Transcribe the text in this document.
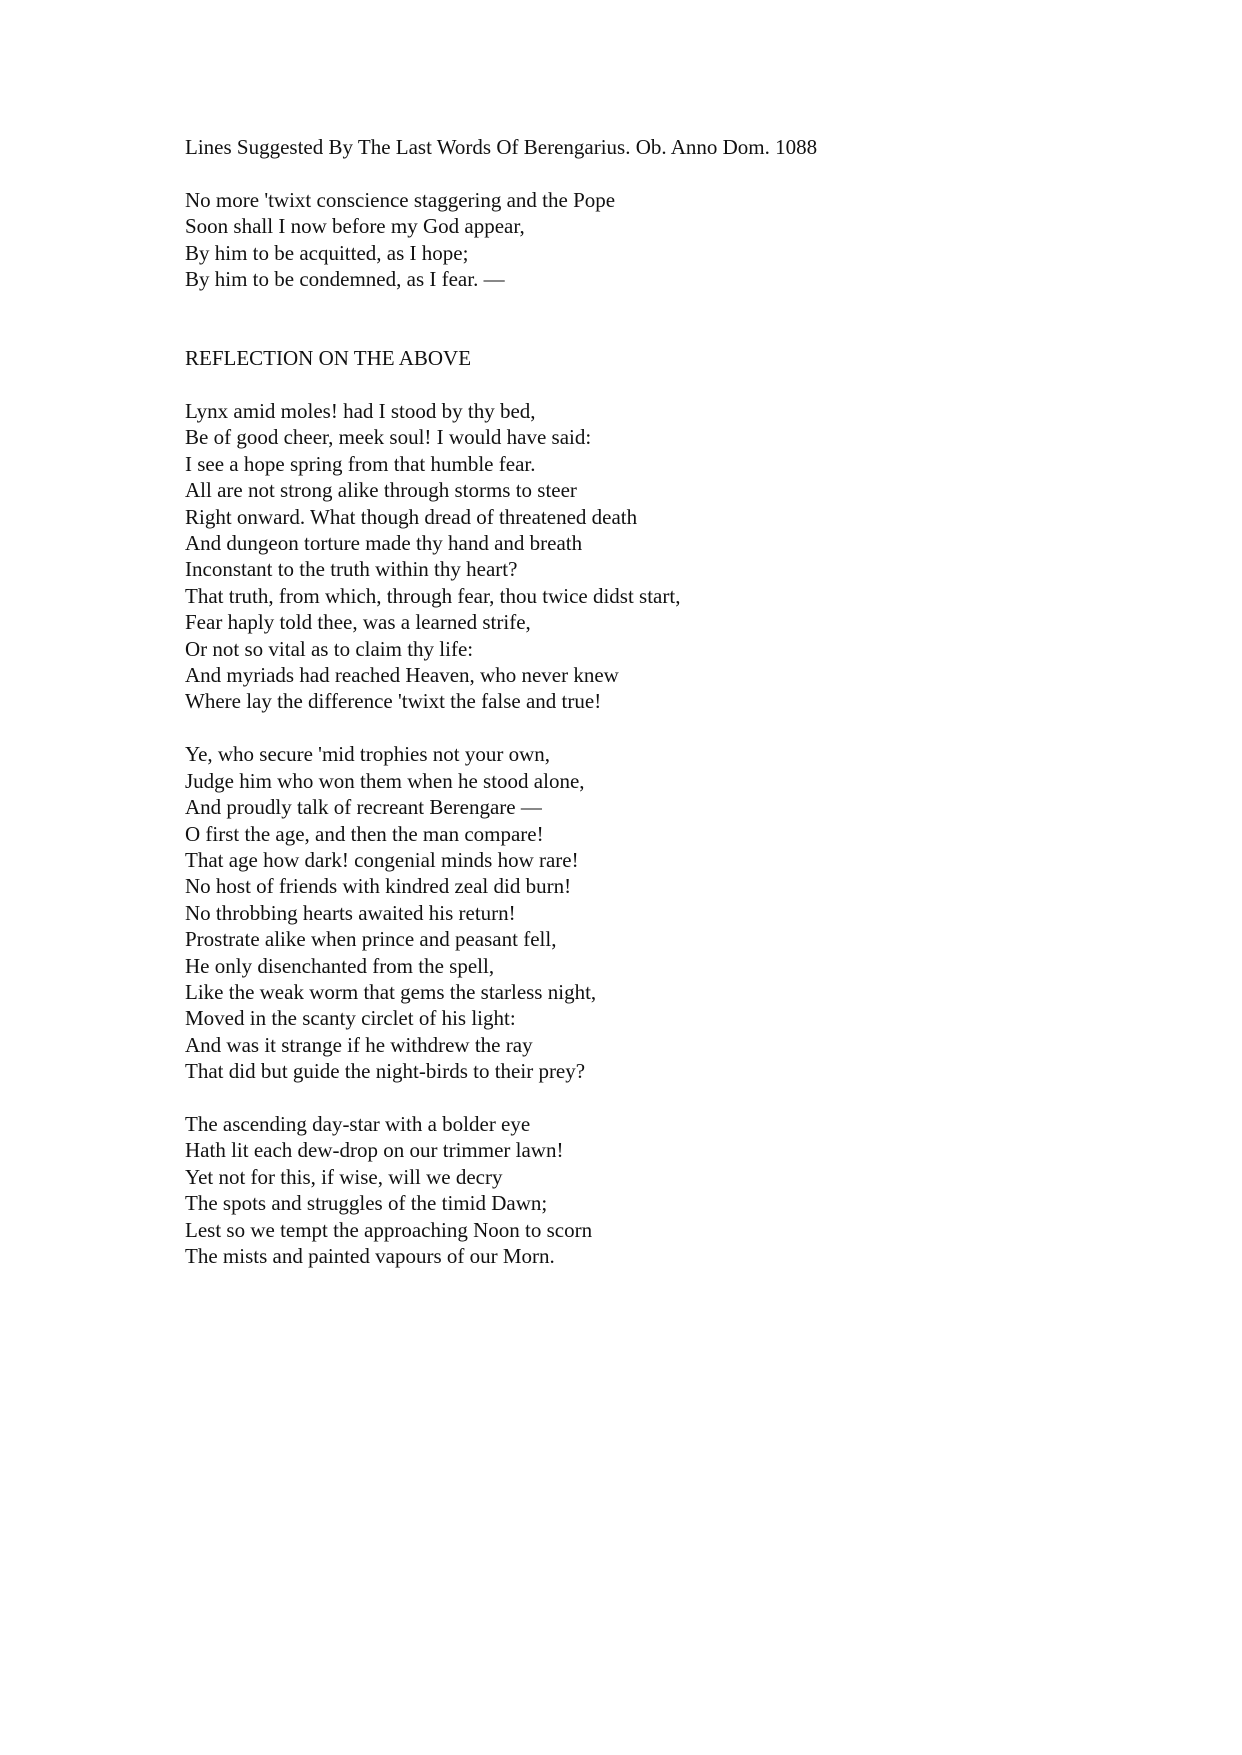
Lines Suggested By The Last Words Of Berengarius. Ob. Anno Dom. 1088
No more 'twixt conscience staggering and the Pope
Soon shall I now before my God appear,
By him to be acquitted, as I hope;
By him to be condemned, as I fear. —
REFLECTION ON THE ABOVE
Lynx amid moles! had I stood by thy bed,
Be of good cheer, meek soul! I would have said:
I see a hope spring from that humble fear.
All are not strong alike through storms to steer
Right onward. What though dread of threatened death
And dungeon torture made thy hand and breath
Inconstant to the truth within thy heart?
That truth, from which, through fear, thou twice didst start,
Fear haply told thee, was a learned strife,
Or not so vital as to claim thy life:
And myriads had reached Heaven, who never knew
Where lay the difference 'twixt the false and true!
Ye, who secure 'mid trophies not your own,
Judge him who won them when he stood alone,
And proudly talk of recreant Berengare —
O first the age, and then the man compare!
That age how dark! congenial minds how rare!
No host of friends with kindred zeal did burn!
No throbbing hearts awaited his return!
Prostrate alike when prince and peasant fell,
He only disenchanted from the spell,
Like the weak worm that gems the starless night,
Moved in the scanty circlet of his light:
And was it strange if he withdrew the ray
That did but guide the night-birds to their prey?
The ascending day-star with a bolder eye
Hath lit each dew-drop on our trimmer lawn!
Yet not for this, if wise, will we decry
The spots and struggles of the timid Dawn;
Lest so we tempt the approaching Noon to scorn
The mists and painted vapours of our Morn.
